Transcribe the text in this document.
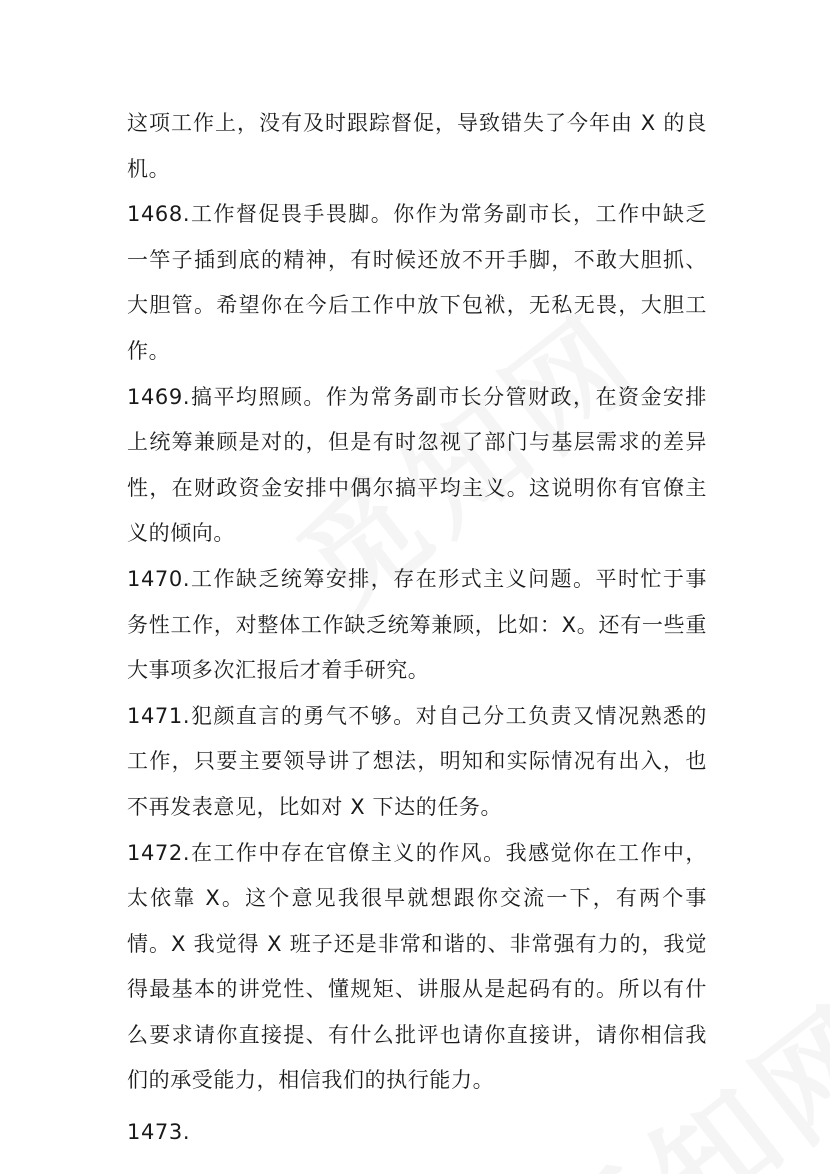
这项工作上，没有及时跟踪督促，导致错失了今年由 X 的良机。

1468.工作督促畏手畏脚。你作为常务副市长，工作中缺乏一竿子插到底的精神，有时候还放不开手脚，不敢大胆抓、大胆管。希望你在今后工作中放下包袱，无私无畏，大胆工作。

1469.搞平均照顾。作为常务副市长分管财政，在资金安排上统筹兼顾是对的，但是有时忽视了部门与基层需求的差异性，在财政资金安排中偶尔搞平均主义。这说明你有官僚主义的倾向。

1470.工作缺乏统筹安排，存在形式主义问题。平时忙于事务性工作，对整体工作缺乏统筹兼顾，比如：X。还有一些重大事项多次汇报后才着手研究。

1471.犯颜直言的勇气不够。对自己分工负责又情况熟悉的工作，只要主要领导讲了想法，明知和实际情况有出入，也不再发表意见，比如对 X 下达的任务。

1472.在工作中存在官僚主义的作风。我感觉你在工作中，太依靠 X。这个意见我很早就想跟你交流一下，有两个事情。X 我觉得 X 班子还是非常和谐的、非常强有力的，我觉得最基本的讲党性、懂规矩、讲服从是起码有的。所以有什么要求请你直接提、有什么批评也请你直接讲，请你相信我们的承受能力，相信我们的执行能力。

1473.
